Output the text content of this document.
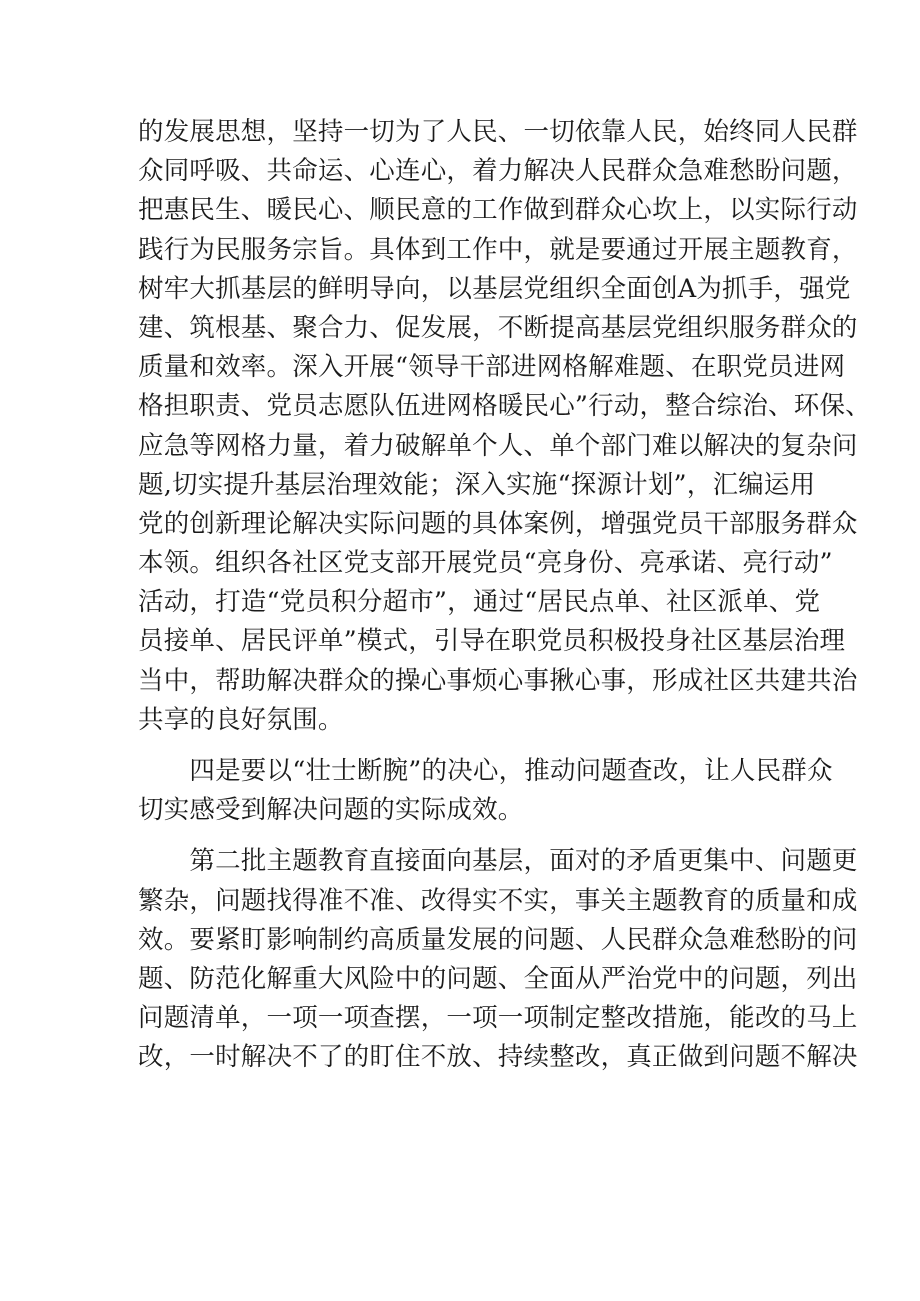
的发展思想，坚持一切为了人民、一切依靠人民，始终同人民群
众同呼吸、共命运、心连心，着力解决人民群众急难愁盼问题，
把惠民生、暖民心、顺民意的工作做到群众心坎上，以实际行动
践行为民服务宗旨。具体到工作中，就是要通过开展主题教育，
树牢大抓基层的鲜明导向，以基层党组织全面创A为抓手，强党
建、筑根基、聚合力、促发展，不断提高基层党组织服务群众的
质量和效率。深入开展“领导干部进网格解难题、在职党员进网
格担职责、党员志愿队伍进网格暖民心”行动，整合综治、环保、
应急等网格力量，着力破解单个人、单个部门难以解决的复杂问
题,切实提升基层治理效能；深入实施“探源计划”，汇编运用
党的创新理论解决实际问题的具体案例，增强党员干部服务群众
本领。组织各社区党支部开展党员“亮身份、亮承诺、亮行动”
活动，打造“党员积分超市”，通过“居民点单、社区派单、党
员接单、居民评单”模式，引导在职党员积极投身社区基层治理
当中，帮助解决群众的操心事烦心事揪心事，形成社区共建共治
共享的良好氛围。
　　四是要以“壮士断腕”的决心，推动问题查改，让人民群众
切实感受到解决问题的实际成效。
　　第二批主题教育直接面向基层，面对的矛盾更集中、问题更
繁杂，问题找得准不准、改得实不实，事关主题教育的质量和成
效。要紧盯影响制约高质量发展的问题、人民群众急难愁盼的问
题、防范化解重大风险中的问题、全面从严治党中的问题，列出
问题清单，一项一项查摆，一项一项制定整改措施，能改的马上
改，一时解决不了的盯住不放、持续整改，真正做到问题不解决
